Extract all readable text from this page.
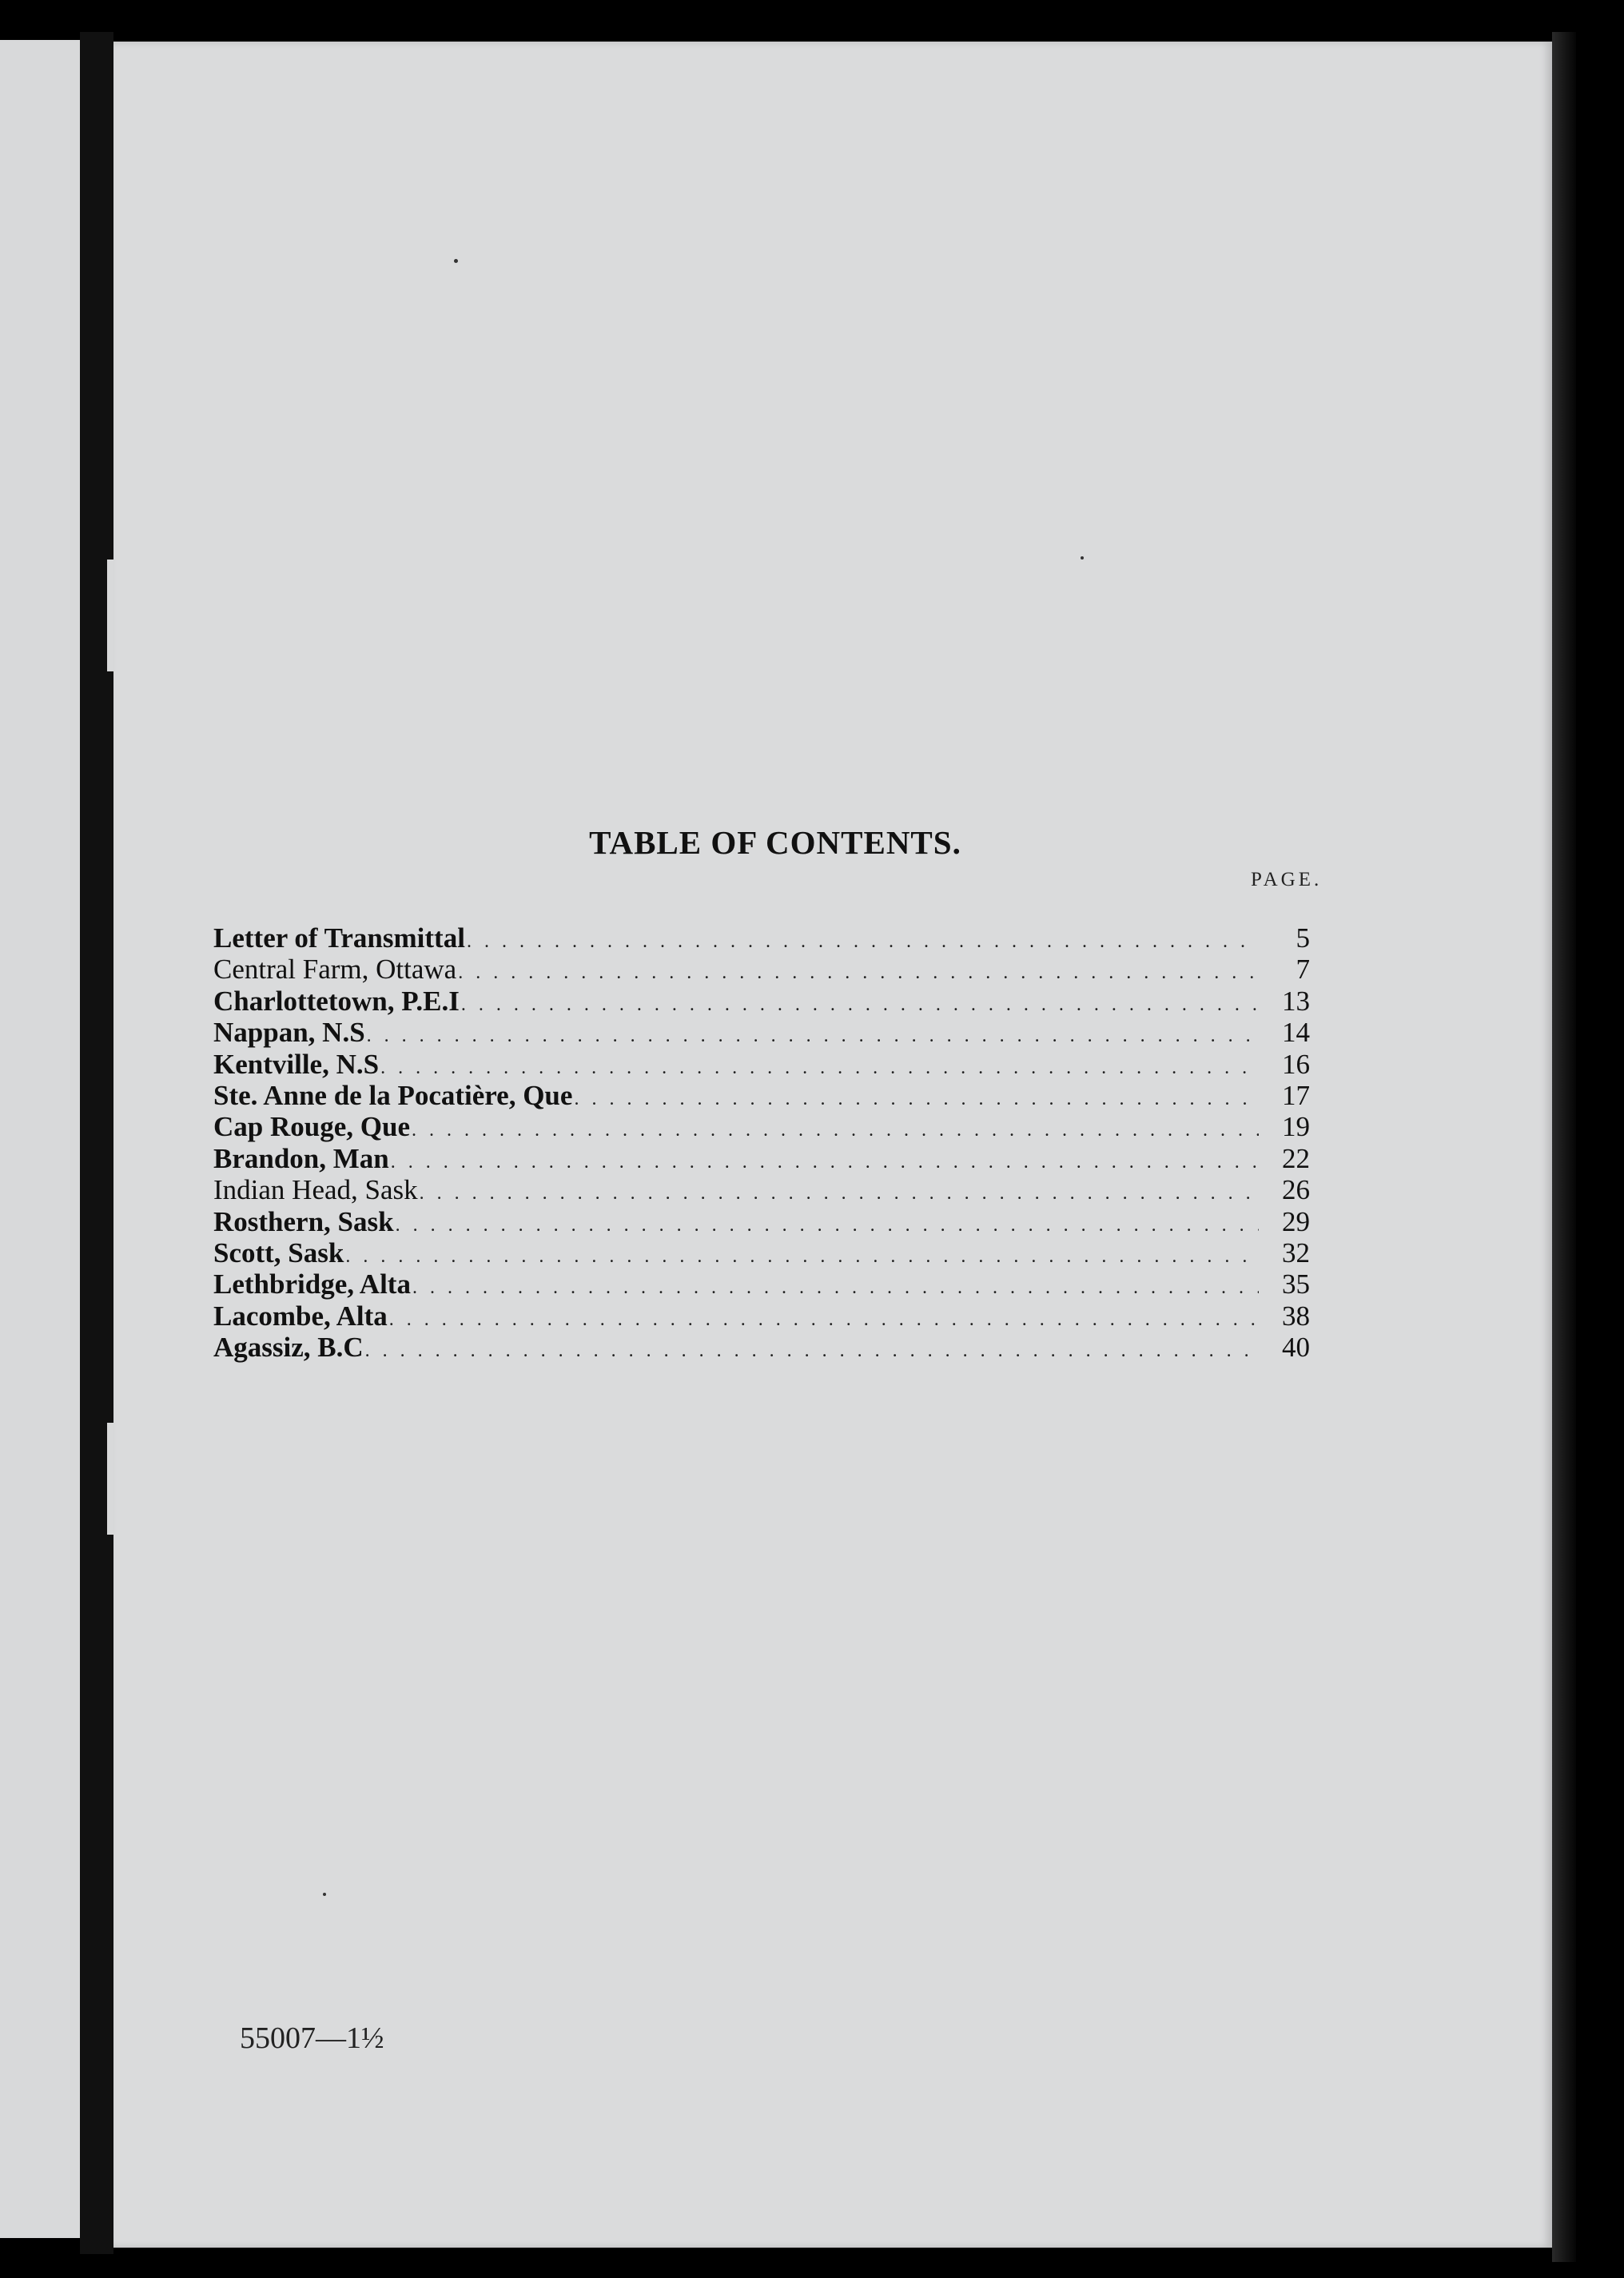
TABLE OF CONTENTS.
PAGE.
Letter of Transmittal . . .	5
Central Farm, Ottawa . . .	7
Charlottetown, P.E.I . . .	13
Nappan, N.S . . .	14
Kentville, N.S . . .	16
Ste. Anne de la Pocatière, Que . . .	17
Cap Rouge, Que . . .	19
Brandon, Man . . .	22
Indian Head, Sask . . .	26
Rosthern, Sask . . .	29
Scott, Sask . . .	32
Lethbridge, Alta . . .	35
Lacombe, Alta . . .	38
Agassiz, B.C . . .	40
55007—1½
